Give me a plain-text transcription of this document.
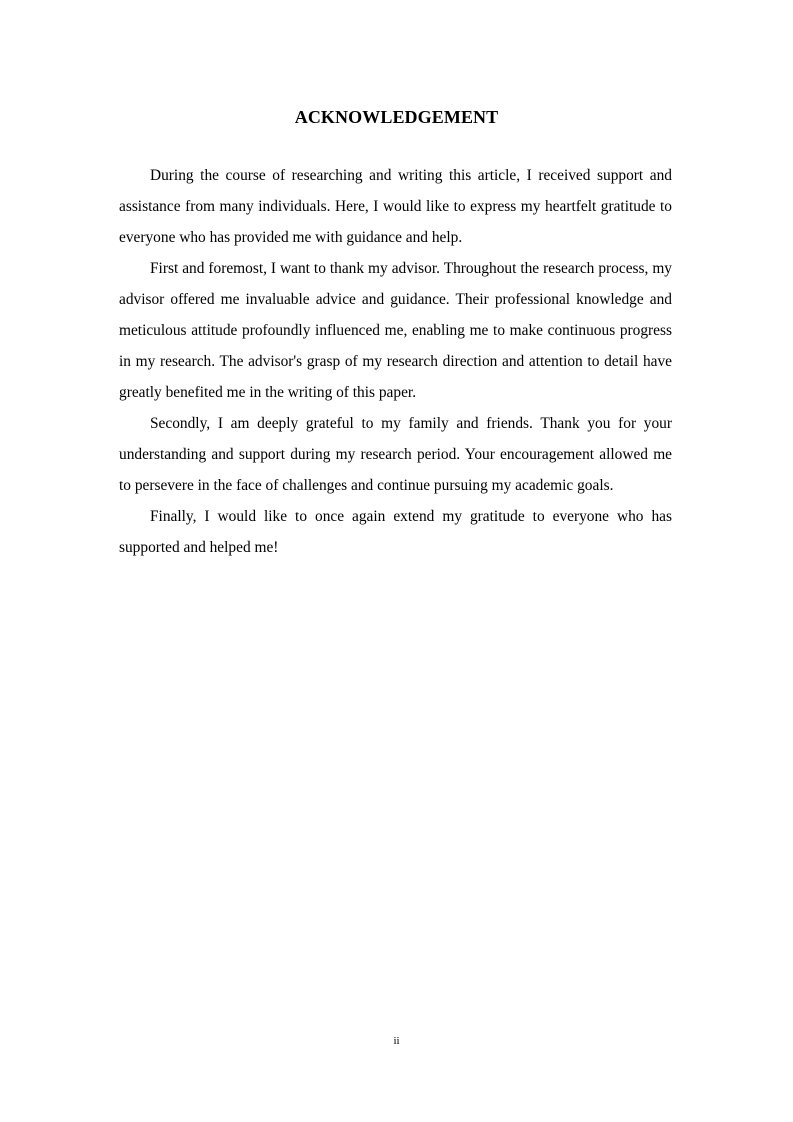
ACKNOWLEDGEMENT

During the course of researching and writing this article, I received support and assistance from many individuals. Here, I would like to express my heartfelt gratitude to everyone who has provided me with guidance and help.

First and foremost, I want to thank my advisor. Throughout the research process, my advisor offered me invaluable advice and guidance. Their professional knowledge and meticulous attitude profoundly influenced me, enabling me to make continuous progress in my research. The advisor's grasp of my research direction and attention to detail have greatly benefited me in the writing of this paper.

Secondly, I am deeply grateful to my family and friends. Thank you for your understanding and support during my research period. Your encouragement allowed me to persevere in the face of challenges and continue pursuing my academic goals.

Finally, I would like to once again extend my gratitude to everyone who has supported and helped me!

ii
